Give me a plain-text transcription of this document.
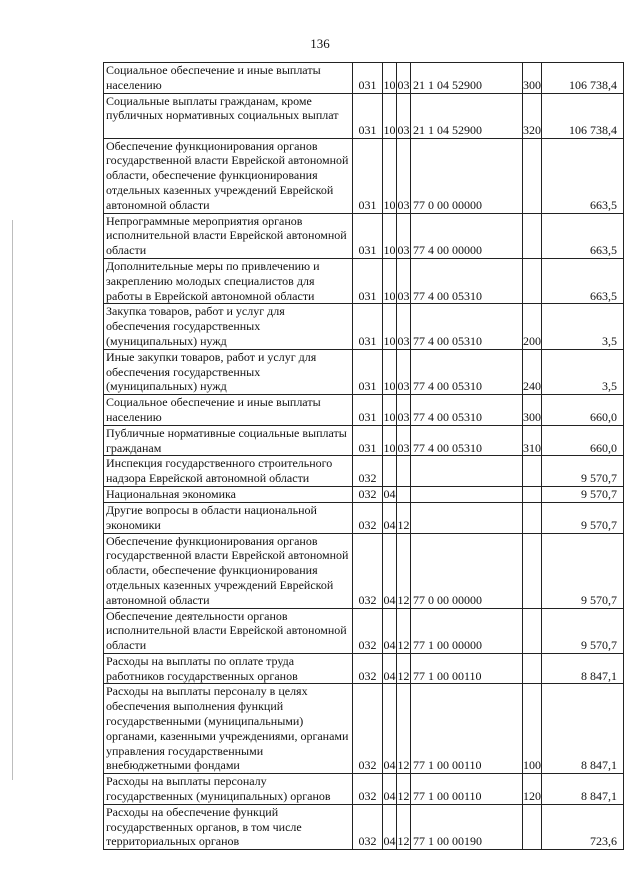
136
Социальное обеспечение и иные выплаты населению	031	10	03	21 1 04 52900	300	106 738,4
Социальные выплаты гражданам, кроме публичных нормативных социальных выплат	031	10	03	21 1 04 52900	320	106 738,4
Обеспечение функционирования органов государственной власти Еврейской автономной области, обеспечение функционирования отдельных казенных учреждений Еврейской автономной области	031	10	03	77 0 00 00000		663,5
Непрограммные мероприятия органов исполнительной власти Еврейской автономной области	031	10	03	77 4 00 00000		663,5
Дополнительные меры по привлечению и закреплению молодых специалистов для работы в Еврейской автономной области	031	10	03	77 4 00 05310		663,5
Закупка товаров, работ и услуг для обеспечения государственных (муниципальных) нужд	031	10	03	77 4 00 05310	200	3,5
Иные закупки товаров, работ и услуг для обеспечения государственных (муниципальных) нужд	031	10	03	77 4 00 05310	240	3,5
Социальное обеспечение и иные выплаты населению	031	10	03	77 4 00 05310	300	660,0
Публичные нормативные социальные выплаты гражданам	031	10	03	77 4 00 05310	310	660,0
Инспекция государственного строительного надзора Еврейской автономной области	032					9 570,7
Национальная экономика	032	04				9 570,7
Другие вопросы в области национальной экономики	032	04	12			9 570,7
Обеспечение функционирования органов государственной власти Еврейской автономной области, обеспечение функционирования отдельных казенных учреждений Еврейской автономной области	032	04	12	77 0 00 00000		9 570,7
Обеспечение деятельности органов исполнительной власти Еврейской автономной области	032	04	12	77 1 00 00000		9 570,7
Расходы на выплаты по оплате труда работников государственных органов	032	04	12	77 1 00 00110		8 847,1
Расходы на выплаты персоналу в целях обеспечения выполнения функций государственными (муниципальными) органами, казенными учреждениями, органами управления государственными внебюджетными фондами	032	04	12	77 1 00 00110	100	8 847,1
Расходы на выплаты персоналу государственных (муниципальных) органов	032	04	12	77 1 00 00110	120	8 847,1
Расходы на обеспечение функций государственных органов, в том числе территориальных органов	032	04	12	77 1 00 00190		723,6
